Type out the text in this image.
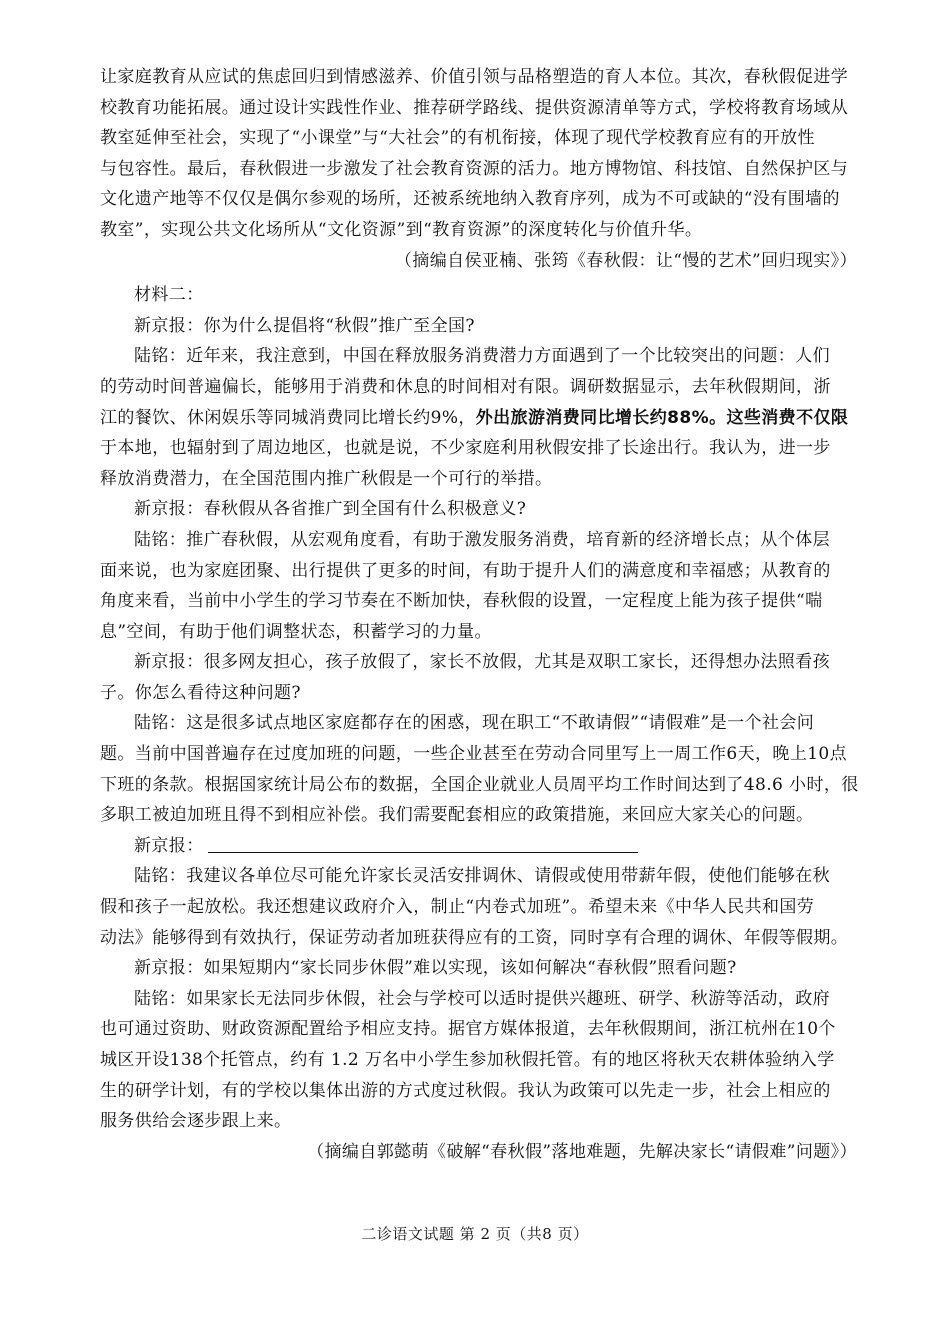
让家庭教育从应试的焦虑回归到情感滋养、价值引领与品格塑造的育人本位。其次，春秋假促进学
校教育功能拓展。通过设计实践性作业、推荐研学路线、提供资源清单等方式，学校将教育场域从
教室延伸至社会，实现了“小课堂”与“大社会”的有机衔接，体现了现代学校教育应有的开放性
与包容性。最后，春秋假进一步激发了社会教育资源的活力。地方博物馆、科技馆、自然保护区与
文化遗产地等不仅仅是偶尔参观的场所，还被系统地纳入教育序列，成为不可或缺的“没有围墙的
教室”，实现公共文化场所从“文化资源”到“教育资源”的深度转化与价值升华。
（摘编自侯亚楠、张筠《春秋假：让“慢的艺术”回归现实》）
材料二：
新京报：你为什么提倡将“秋假”推广至全国?
陆铭：近年来，我注意到，中国在释放服务消费潜力方面遇到了一个比较突出的问题：人们
的劳动时间普遍偏长，能够用于消费和休息的时间相对有限。调研数据显示，去年秋假期间，浙
江的餐饮、休闲娱乐等同城消费同比增长约9%，外出旅游消费同比增长约88%。这些消费不仅限
于本地，也辐射到了周边地区，也就是说，不少家庭利用秋假安排了长途出行。我认为，进一步
释放消费潜力，在全国范围内推广秋假是一个可行的举措。
新京报：春秋假从各省推广到全国有什么积极意义?
陆铭：推广春秋假，从宏观角度看，有助于激发服务消费，培育新的经济增长点；从个体层
面来说，也为家庭团聚、出行提供了更多的时间，有助于提升人们的满意度和幸福感；从教育的
角度来看，当前中小学生的学习节奏在不断加快，春秋假的设置，一定程度上能为孩子提供“喘
息”空间，有助于他们调整状态，积蓄学习的力量。
新京报：很多网友担心，孩子放假了，家长不放假，尤其是双职工家长，还得想办法照看孩
子。你怎么看待这种问题?
陆铭：这是很多试点地区家庭都存在的困惑，现在职工“不敢请假”“请假难”是一个社会问
题。当前中国普遍存在过度加班的问题，一些企业甚至在劳动合同里写上一周工作6天，晚上10点
下班的条款。根据国家统计局公布的数据，全国企业就业人员周平均工作时间达到了48.6 小时，很
多职工被迫加班且得不到相应补偿。我们需要配套相应的政策措施，来回应大家关心的问题。
新京报：
陆铭：我建议各单位尽可能允许家长灵活安排调休、请假或使用带薪年假，使他们能够在秋
假和孩子一起放松。我还想建议政府介入，制止“内卷式加班”。希望未来《中华人民共和国劳
动法》能够得到有效执行，保证劳动者加班获得应有的工资，同时享有合理的调休、年假等假期。
新京报：如果短期内“家长同步休假”难以实现，该如何解决“春秋假”照看问题?
陆铭：如果家长无法同步休假，社会与学校可以适时提供兴趣班、研学、秋游等活动，政府
也可通过资助、财政资源配置给予相应支持。据官方媒体报道，去年秋假期间，浙江杭州在10个
城区开设138个托管点，约有 1.2 万名中小学生参加秋假托管。有的地区将秋天农耕体验纳入学
生的研学计划，有的学校以集体出游的方式度过秋假。我认为政策可以先走一步，社会上相应的
服务供给会逐步跟上来。
（摘编自郭懿萌《破解“春秋假”落地难题，先解决家长“请假难”问题》）
二诊语文试题 第 2 页（共8 页）
